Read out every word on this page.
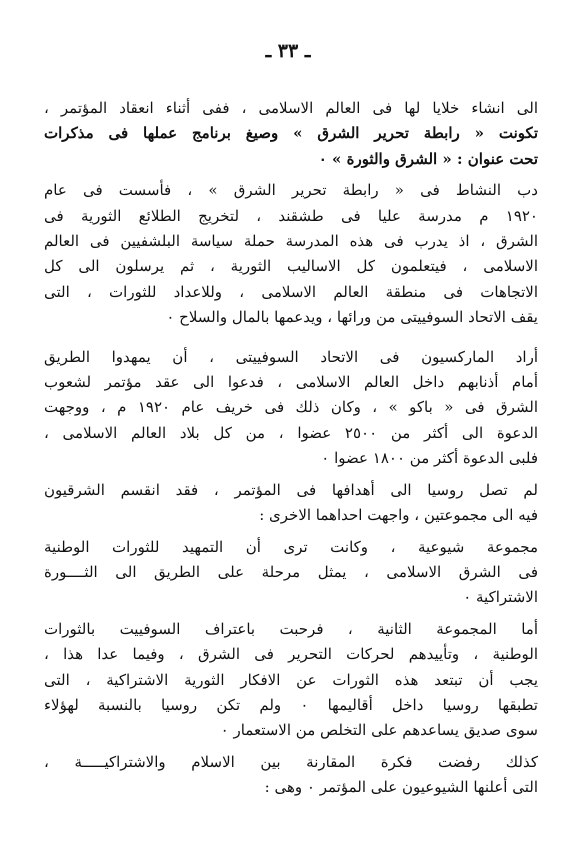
ـ ٣٣ ـ
الى انشاء خلايا لها فى العالم الاسلامى ، ففى أثناء انعقاد المؤتمر ،
تكونت « رابطة تحرير الشرق » وصيغ برنامج عملها فى مذكرات
تحت عنوان : « الشرق والثورة » ٠
دب النشاط فى « رابطة تحرير الشرق » ، فأسست فى عام
١٩٢٠ م مدرسة عليا فى طشقند ، لتخريج الطلائع الثورية فى
الشرق ، اذ يدرب فى هذه المدرسة حملة سياسة البلشفيين فى العالم
الاسلامى ، فيتعلمون كل الاساليب الثورية ، ثم يرسلون الى كل
الاتجاهات فى منطقة العالم الاسلامى ، وللاعداد للثورات ، التى
يقف الاتحاد السوفييتى من ورائها ، ويدعمها بالمال والسلاح ٠
أراد الماركسيون فى الاتحاد السوفييتى ، أن يمهدوا الطريق
أمام أذنابهم داخل العالم الاسلامى ، فدعوا الى عقد مؤتمر لشعوب
الشرق فى « باكو » ، وكان ذلك فى خريف عام ١٩٢٠ م ، ووجهت
الدعوة الى أكثر من ٢٥٠٠ عضوا ، من كل بلاد العالم الاسلامى ،
فلبى الدعوة أكثر من ١٨٠٠ عضوا ٠
لم تصل روسيا الى أهدافها فى المؤتمر ، فقد انقسم الشرقيون
فيه الى مجموعتين ، واجهت احداهما الاخرى :
مجموعة شيوعية ، وكانت ترى أن التمهيد للثورات الوطنية
فى الشرق الاسلامى ، يمثل مرحلة على الطريق الى الثــــورة
الاشتراكية ٠
أما المجموعة الثانية ، فرحبت باعتراف السوفييت بالثورات
الوطنية ، وتأييدهم لحركات التحرير فى الشرق ، وفيما عدا هذا ،
يجب أن تبتعد هذه الثورات عن الافكار الثورية الاشتراكية ، التى
تطبقها روسيا داخل أقاليمها ٠ ولم تكن روسيا بالنسبة لهؤلاء
سوى صديق يساعدهم على التخلص من الاستعمار ٠
كذلك رفضت فكرة المقارنة بين الاسلام والاشتراكيـــــة ،
التى أعلنها الشيوعيون على المؤتمر ٠ وهى :
